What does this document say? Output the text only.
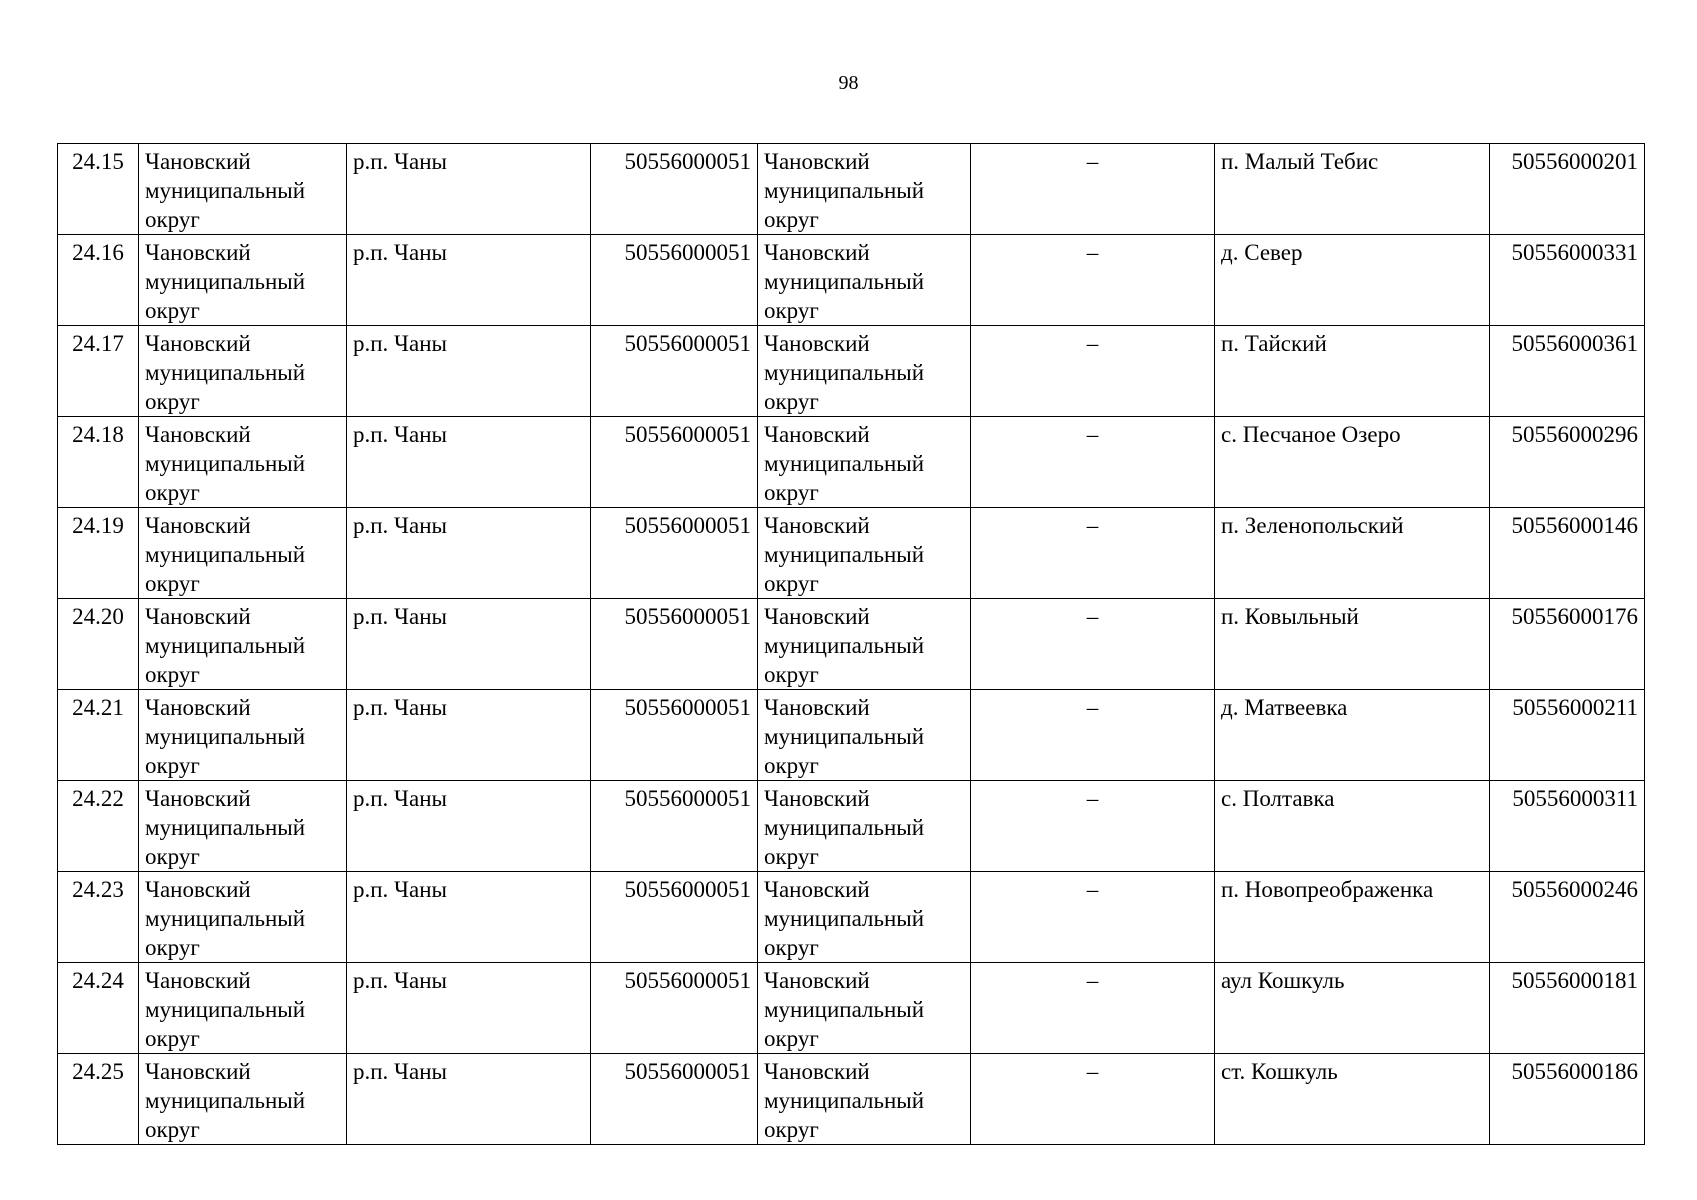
98
24.15	Чановский муниципальный округ	р.п. Чаны	50556000051	Чановский муниципальный округ	–	п. Малый Тебис	50556000201
24.16	Чановский муниципальный округ	р.п. Чаны	50556000051	Чановский муниципальный округ	–	д. Север	50556000331
24.17	Чановский муниципальный округ	р.п. Чаны	50556000051	Чановский муниципальный округ	–	п. Тайский	50556000361
24.18	Чановский муниципальный округ	р.п. Чаны	50556000051	Чановский муниципальный округ	–	с. Песчаное Озеро	50556000296
24.19	Чановский муниципальный округ	р.п. Чаны	50556000051	Чановский муниципальный округ	–	п. Зеленопольский	50556000146
24.20	Чановский муниципальный округ	р.п. Чаны	50556000051	Чановский муниципальный округ	–	п. Ковыльный	50556000176
24.21	Чановский муниципальный округ	р.п. Чаны	50556000051	Чановский муниципальный округ	–	д. Матвеевка	50556000211
24.22	Чановский муниципальный округ	р.п. Чаны	50556000051	Чановский муниципальный округ	–	с. Полтавка	50556000311
24.23	Чановский муниципальный округ	р.п. Чаны	50556000051	Чановский муниципальный округ	–	п. Новопреображенка	50556000246
24.24	Чановский муниципальный округ	р.п. Чаны	50556000051	Чановский муниципальный округ	–	аул Кошкуль	50556000181
24.25	Чановский муниципальный округ	р.п. Чаны	50556000051	Чановский муниципальный округ	–	ст. Кошкуль	50556000186
